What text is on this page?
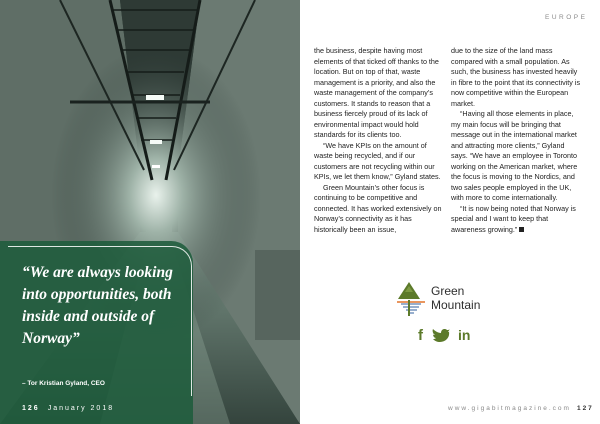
“We are always looking into opportunities, both inside and outside of Norway”

– Tor Kristian Gyland, CEO

126 January 2018
EUROPE

the business, despite having most elements of that ticked off thanks to the location. But on top of that, waste management is a priority, and also the waste management of the company’s customers. It stands to reason that a business fiercely proud of its lack of environmental impact would hold standards for its clients too.

“We have KPIs on the amount of waste being recycled, and if our customers are not recycling within our KPIs, we let them know,” Gyland states.

Green Mountain’s other focus is continuing to be competitive and connected. It has worked extensively on Norway’s connectivity as it has historically been an issue,

due to the size of the land mass compared with a small population. As such, the business has invested heavily in fibre to the point that its connectivity is now competitive within the European market.

“Having all those elements in place, my main focus will be bringing that message out in the international market and attracting more clients,” Gyland says. “We have an employee in Toronto working on the American market, where the focus is moving to the Nordics, and two sales people employed in the UK, with more to come internationally.

“It is now being noted that Norway is special and I want to keep that awareness growing.”

Green
Mountain
f	in
www.gigabitmagazine.com 127
